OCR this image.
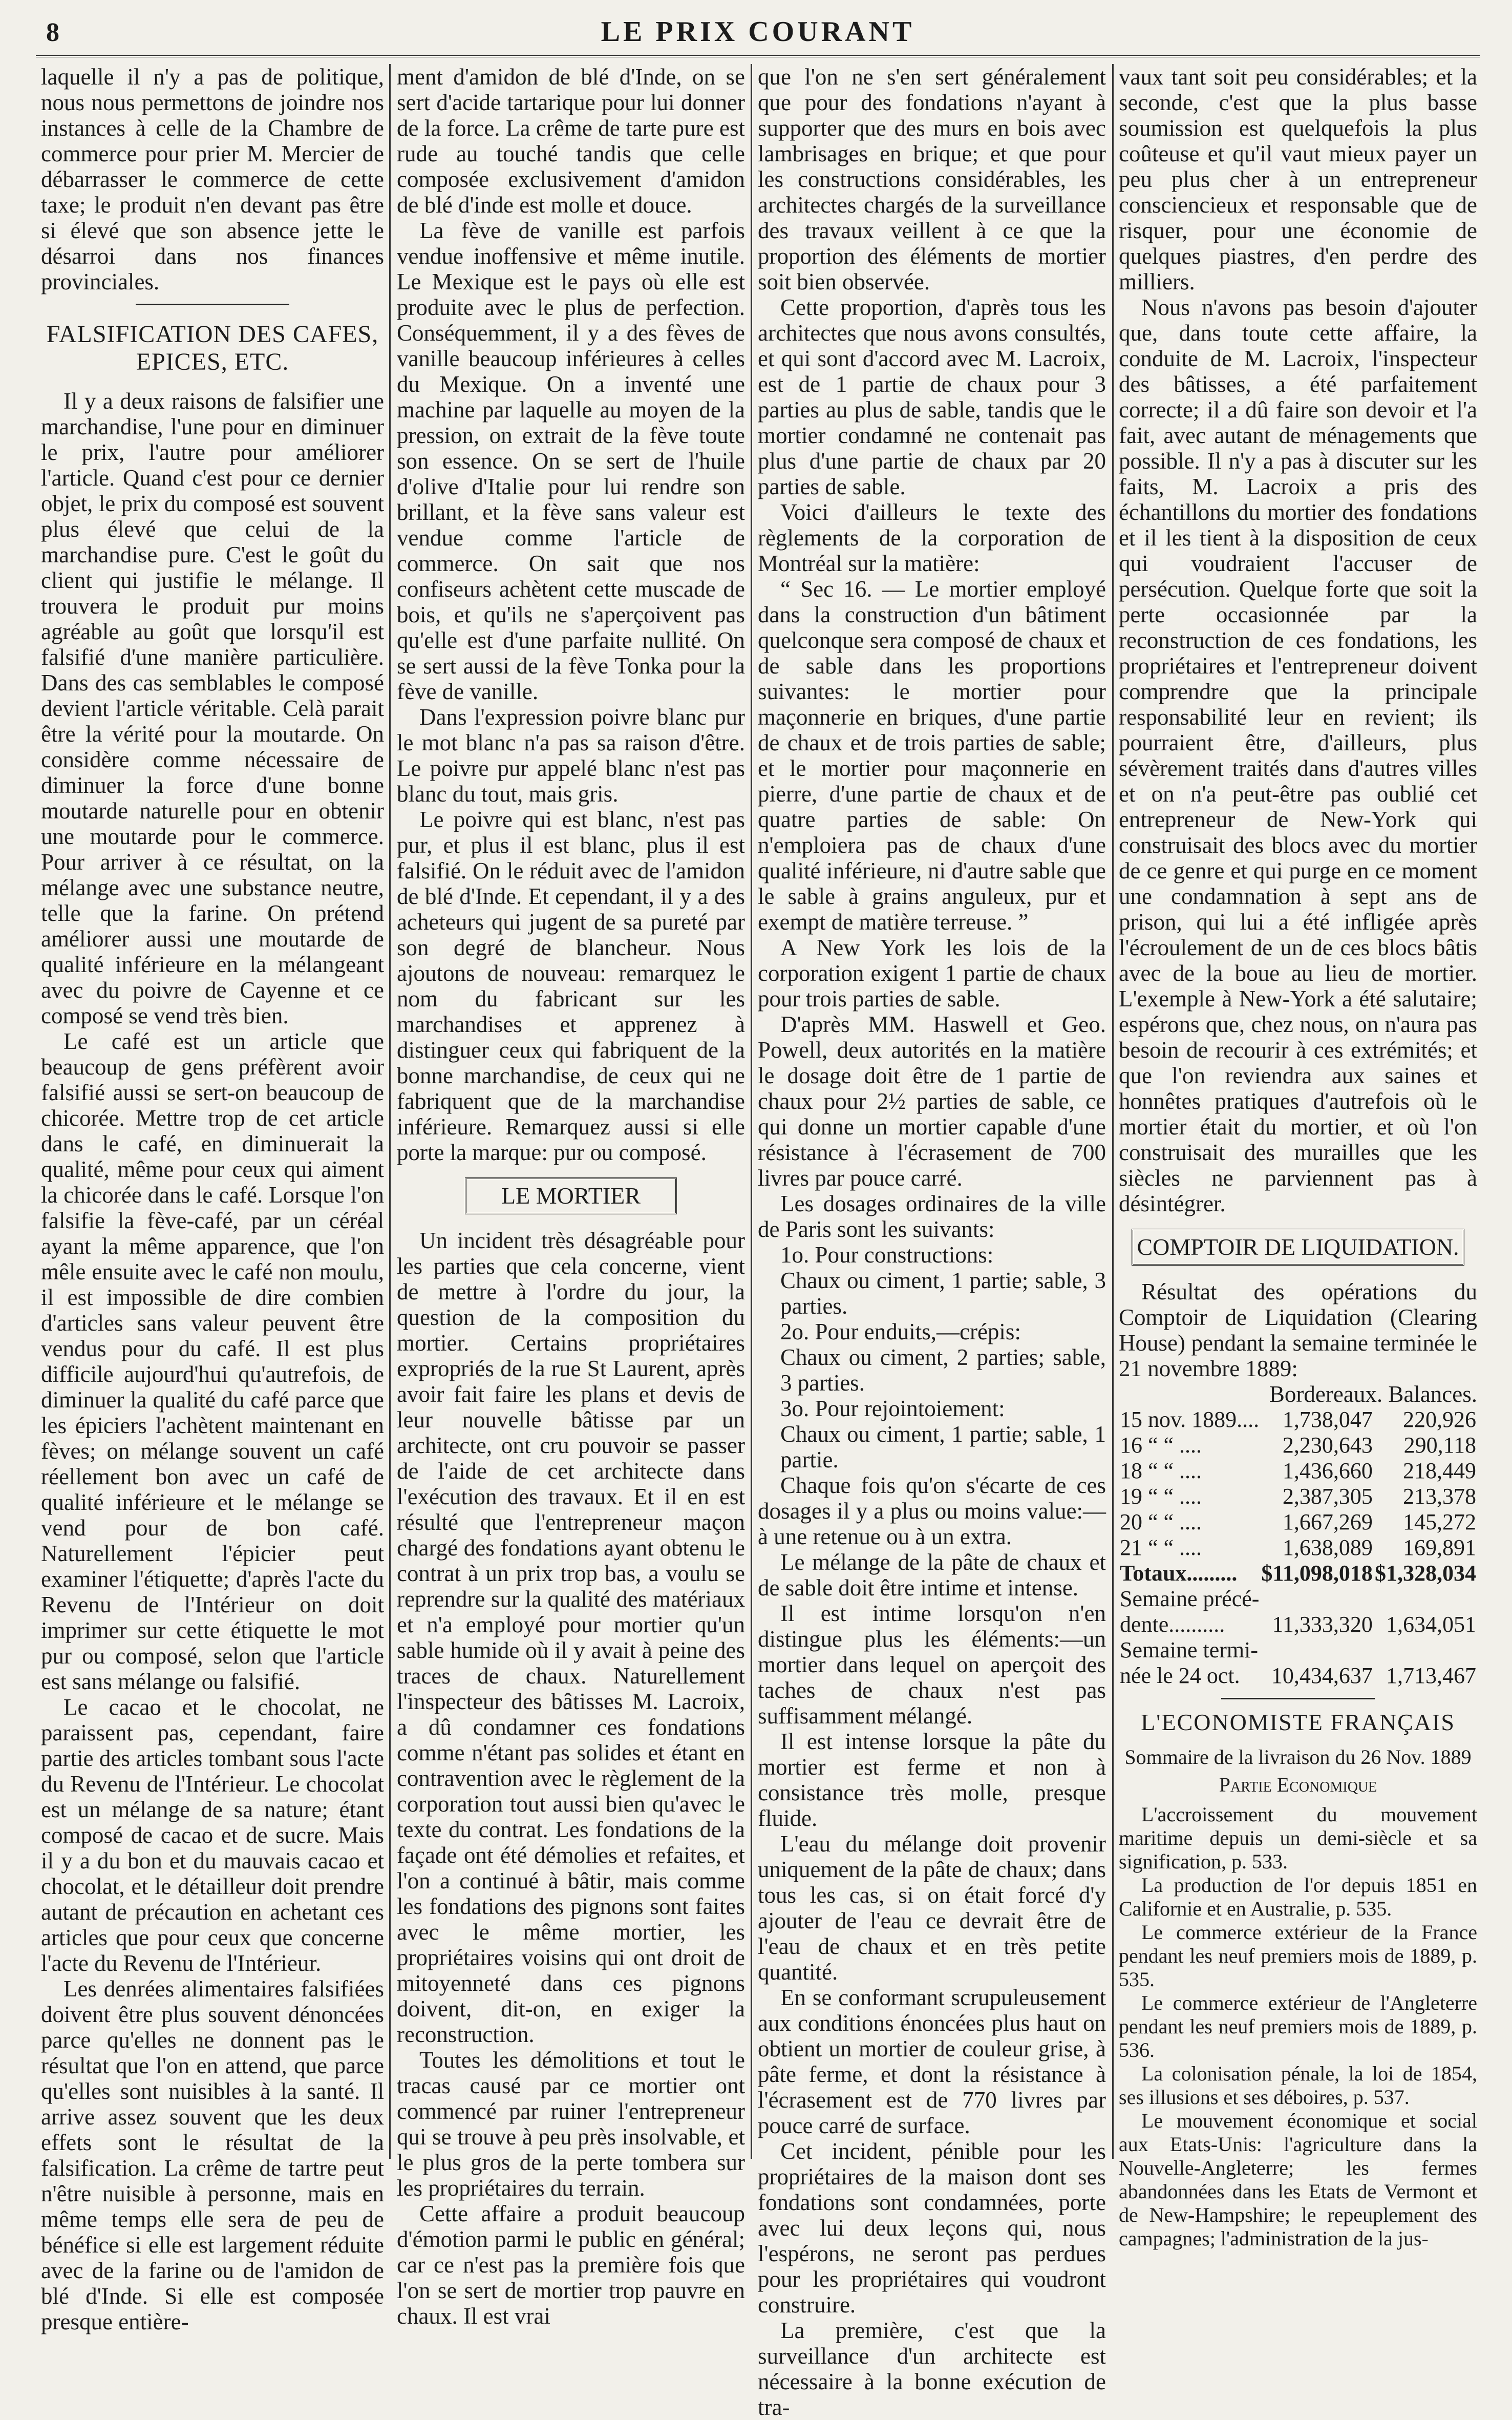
8	LE PRIX COURANT

laquelle il n'y a pas de politique, nous nous permettons de joindre nos instances à celle de la Chambre de commerce pour prier M. Mercier de débarrasser le commerce de cette taxe; le produit n'en devant pas être si élevé que son absence jette le désarroi dans nos finances provinciales.

FALSIFICATION DES CAFES, EPICES, ETC.

Il y a deux raisons de falsifier une marchandise, l'une pour en diminuer le prix, l'autre pour améliorer l'article. Quand c'est pour ce dernier objet, le prix du composé est souvent plus élevé que celui de la marchandise pure. C'est le goût du client qui justifie le mélange. Il trouvera le produit pur moins agréable au goût que lorsqu'il est falsifié d'une manière particulière. Dans des cas semblables le composé devient l'article véritable. Celà parait être la vérité pour la moutarde. On considère comme nécessaire de diminuer la force d'une bonne moutarde naturelle pour en obtenir une moutarde pour le commerce. Pour arriver à ce résultat, on la mélange avec une substance neutre, telle que la farine. On prétend améliorer aussi une moutarde de qualité inférieure en la mélangeant avec du poivre de Cayenne et ce composé se vend très bien.

Le café est un article que beaucoup de gens préfèrent avoir falsifié aussi se sert-on beaucoup de chicorée. Mettre trop de cet article dans le café, en diminuerait la qualité, même pour ceux qui aiment la chicorée dans le café. Lorsque l'on falsifie la fève-café, par un céréal ayant la même apparence, que l'on mêle ensuite avec le café non moulu, il est impossible de dire combien d'articles sans valeur peuvent être vendus pour du café. Il est plus difficile aujourd'hui qu'autrefois, de diminuer la qualité du café parce que les épiciers l'achètent maintenant en fèves; on mélange souvent un café réellement bon avec un café de qualité inférieure et le mélange se vend pour de bon café. Naturellement l'épicier peut examiner l'étiquette; d'après l'acte du Revenu de l'Intérieur on doit imprimer sur cette étiquette le mot pur ou composé, selon que l'article est sans mélange ou falsifié.

Le cacao et le chocolat, ne paraissent pas, cependant, faire partie des articles tombant sous l'acte du Revenu de l'Intérieur. Le chocolat est un mélange de sa nature; étant composé de cacao et de sucre. Mais il y a du bon et du mauvais cacao et chocolat, et le détailleur doit prendre autant de précaution en achetant ces articles que pour ceux que concerne l'acte du Revenu de l'Intérieur.

Les denrées alimentaires falsifiées doivent être plus souvent dénoncées parce qu'elles ne donnent pas le résultat que l'on en attend, que parce qu'elles sont nuisibles à la santé. Il arrive assez souvent que les deux effets sont le résultat de la falsification. La crême de tartre peut n'être nuisible à personne, mais en même temps elle sera de peu de bénéfice si elle est largement réduite avec de la farine ou de l'amidon de blé d'Inde. Si elle est composée presque entière-

ment d'amidon de blé d'Inde, on se sert d'acide tartarique pour lui donner de la force. La crême de tarte pure est rude au touché tandis que celle composée exclusivement d'amidon de blé d'inde est molle et douce.

La fève de vanille est parfois vendue inoffensive et même inutile. Le Mexique est le pays où elle est produite avec le plus de perfection. Conséquemment, il y a des fèves de vanille beaucoup inférieures à celles du Mexique. On a inventé une machine par laquelle au moyen de la pression, on extrait de la fève toute son essence. On se sert de l'huile d'olive d'Italie pour lui rendre son brillant, et la fève sans valeur est vendue comme l'article de commerce. On sait que nos confiseurs achètent cette muscade de bois, et qu'ils ne s'aperçoivent pas qu'elle est d'une parfaite nullité. On se sert aussi de la fève Tonka pour la fève de vanille.

Dans l'expression poivre blanc pur le mot blanc n'a pas sa raison d'être. Le poivre pur appelé blanc n'est pas blanc du tout, mais gris.

Le poivre qui est blanc, n'est pas pur, et plus il est blanc, plus il est falsifié. On le réduit avec de l'amidon de blé d'Inde. Et cependant, il y a des acheteurs qui jugent de sa pureté par son degré de blancheur. Nous ajoutons de nouveau: remarquez le nom du fabricant sur les marchandises et apprenez à distinguer ceux qui fabriquent de la bonne marchandise, de ceux qui ne fabriquent que de la marchandise inférieure. Remarquez aussi si elle porte la marque: pur ou composé.

LE MORTIER

Un incident très désagréable pour les parties que cela concerne, vient de mettre à l'ordre du jour, la question de la composition du mortier. Certains propriétaires expropriés de la rue St Laurent, après avoir fait faire les plans et devis de leur nouvelle bâtisse par un architecte, ont cru pouvoir se passer de l'aide de cet architecte dans l'exécution des travaux. Et il en est résulté que l'entrepreneur maçon chargé des fondations ayant obtenu le contrat à un prix trop bas, a voulu se reprendre sur la qualité des matériaux et n'a employé pour mortier qu'un sable humide où il y avait à peine des traces de chaux. Naturellement l'inspecteur des bâtisses M. Lacroix, a dû condamner ces fondations comme n'étant pas solides et étant en contravention avec le règlement de la corporation tout aussi bien qu'avec le texte du contrat. Les fondations de la façade ont été démolies et refaites, et l'on a continué à bâtir, mais comme les fondations des pignons sont faites avec le même mortier, les propriétaires voisins qui ont droit de mitoyenneté dans ces pignons doivent, dit-on, en exiger la reconstruction.

Toutes les démolitions et tout le tracas causé par ce mortier ont commencé par ruiner l'entrepreneur qui se trouve à peu près insolvable, et le plus gros de la perte tombera sur les propriétaires du terrain.

Cette affaire a produit beaucoup d'émotion parmi le public en général; car ce n'est pas la première fois que l'on se sert de mortier trop pauvre en chaux. Il est vrai

que l'on ne s'en sert généralement que pour des fondations n'ayant à supporter que des murs en bois avec lambrisages en brique; et que pour les constructions considérables, les architectes chargés de la surveillance des travaux veillent à ce que la proportion des éléments de mortier soit bien observée.

Cette proportion, d'après tous les architectes que nous avons consultés, et qui sont d'accord avec M. Lacroix, est de 1 partie de chaux pour 3 parties au plus de sable, tandis que le mortier condamné ne contenait pas plus d'une partie de chaux par 20 parties de sable.

Voici d'ailleurs le texte des règlements de la corporation de Montréal sur la matière:

“ Sec 16. — Le mortier employé dans la construction d'un bâtiment quelconque sera composé de chaux et de sable dans les proportions suivantes: le mortier pour maçonnerie en briques, d'une partie de chaux et de trois parties de sable; et le mortier pour maçonnerie en pierre, d'une partie de chaux et de quatre parties de sable: On n'emploiera pas de chaux d'une qualité inférieure, ni d'autre sable que le sable à grains anguleux, pur et exempt de matière terreuse. ”

A New York les lois de la corporation exigent 1 partie de chaux pour trois parties de sable.

D'après MM. Haswell et Geo. Powell, deux autorités en la matière le dosage doit être de 1 partie de chaux pour 2½ parties de sable, ce qui donne un mortier capable d'une résistance à l'écrasement de 700 livres par pouce carré.

Les dosages ordinaires de la ville de Paris sont les suivants:

1o. Pour constructions:

Chaux ou ciment, 1 partie; sable, 3 parties.

2o. Pour enduits,—crépis:

Chaux ou ciment, 2 parties; sable, 3 parties.

3o. Pour rejointoiement:

Chaux ou ciment, 1 partie; sable, 1 partie.

Chaque fois qu'on s'écarte de ces dosages il y a plus ou moins value:—à une retenue ou à un extra.

Le mélange de la pâte de chaux et de sable doit être intime et intense.

Il est intime lorsqu'on n'en distingue plus les éléments:—un mortier dans lequel on aperçoit des taches de chaux n'est pas suffisamment mélangé.

Il est intense lorsque la pâte du mortier est ferme et non à consistance très molle, presque fluide.

L'eau du mélange doit provenir uniquement de la pâte de chaux; dans tous les cas, si on était forcé d'y ajouter de l'eau ce devrait être de l'eau de chaux et en très petite quantité.

En se conformant scrupuleusement aux conditions énoncées plus haut on obtient un mortier de couleur grise, à pâte ferme, et dont la résistance à l'écrasement est de 770 livres par pouce carré de surface.

Cet incident, pénible pour les propriétaires de la maison dont ses fondations sont condamnées, porte avec lui deux leçons qui, nous l'espérons, ne seront pas perdues pour les propriétaires qui voudront construire.

La première, c'est que la surveillance d'un architecte est nécessaire à la bonne exécution de tra-

vaux tant soit peu considérables; et la seconde, c'est que la plus basse soumission est quelquefois la plus coûteuse et qu'il vaut mieux payer un peu plus cher à un entrepreneur consciencieux et responsable que de risquer, pour une économie de quelques piastres, d'en perdre des milliers.

Nous n'avons pas besoin d'ajouter que, dans toute cette affaire, la conduite de M. Lacroix, l'inspecteur des bâtisses, a été parfaitement correcte; il a dû faire son devoir et l'a fait, avec autant de ménagements que possible. Il n'y a pas à discuter sur les faits, M. Lacroix a pris des échantillons du mortier des fondations et il les tient à la disposition de ceux qui voudraient l'accuser de persécution. Quelque forte que soit la perte occasionnée par la reconstruction de ces fondations, les propriétaires et l'entrepreneur doivent comprendre que la principale responsabilité leur en revient; ils pourraient être, d'ailleurs, plus sévèrement traités dans d'autres villes et on n'a peut-être pas oublié cet entrepreneur de New-York qui construisait des blocs avec du mortier de ce genre et qui purge en ce moment une condamnation à sept ans de prison, qui lui a été infligée après l'écroulement de un de ces blocs bâtis avec de la boue au lieu de mortier. L'exemple à New-York a été salutaire; espérons que, chez nous, on n'aura pas besoin de recourir à ces extrémités; et que l'on reviendra aux saines et honnêtes pratiques d'autrefois où le mortier était du mortier, et où l'on construisait des murailles que les siècles ne parviennent pas à désintégrer.

COMPTOIR DE LIQUIDATION.

Résultat des opérations du Comptoir de Liquidation (Clearing House) pendant la semaine terminée le 21 novembre 1889:

Bordereaux. Balances.
15 nov. 1889....	1,738,047	220,926
16 “ “ ....	2,230,643	290,118
18 “ “ ....	1,436,660	218,449
19 “ “ ....	2,387,305	213,378
20 “ “ ....	1,667,269	145,272
21 “ “ ....	1,638,089	169,891
Totaux.........	$11,098,018	$1,328,034
Semaine précé-		
dente..........	11,333,320	1,634,051
Semaine termi-		
née le 24 oct.	10,434,637	1,713,467
L'ECONOMISTE FRANÇAIS

Sommaire de la livraison du 26 Nov. 1889

Partie Economique

L'accroissement du mouvement maritime depuis un demi-siècle et sa signification, p. 533.

La production de l'or depuis 1851 en Californie et en Australie, p. 535.

Le commerce extérieur de la France pendant les neuf premiers mois de 1889, p. 535.

Le commerce extérieur de l'Angleterre pendant les neuf premiers mois de 1889, p. 536.

La colonisation pénale, la loi de 1854, ses illusions et ses déboires, p. 537.

Le mouvement économique et social aux Etats-Unis: l'agriculture dans la Nouvelle-Angleterre; les fermes abandonnées dans les Etats de Vermont et de New-Hampshire; le repeuplement des campagnes; l'administration de la jus-
